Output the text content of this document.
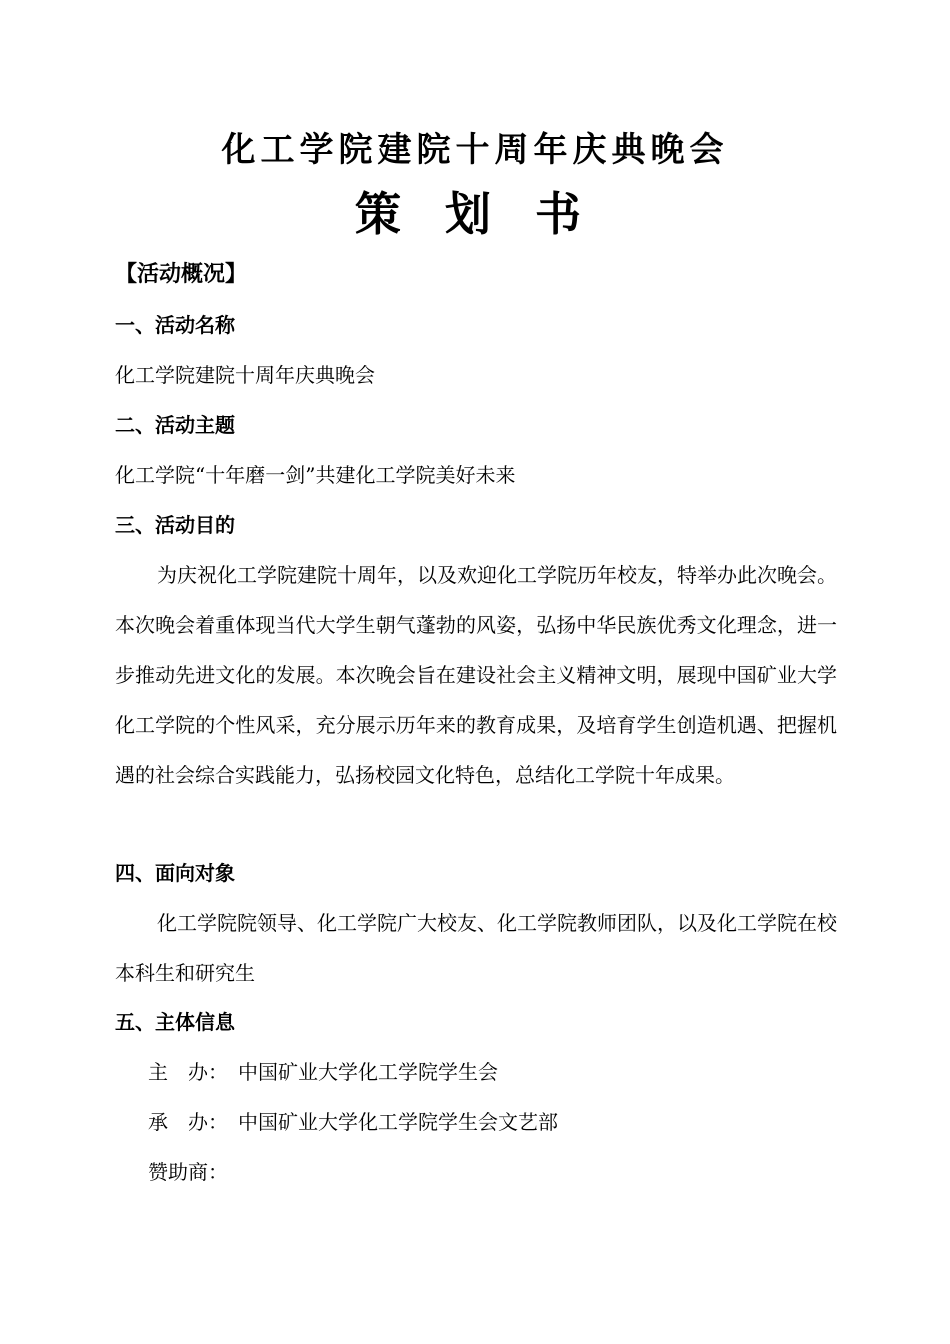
化工学院建院十周年庆典晚会
策划书
【活动概况】
一、活动名称
化工学院建院十周年庆典晚会
二、活动主题
化工学院“十年磨一剑”共建化工学院美好未来
三、活动目的

为庆祝化工学院建院十周年，以及欢迎化工学院历年校友，特举办此次晚会。本次晚会着重体现当代大学生朝气蓬勃的风姿，弘扬中华民族优秀文化理念，进一步推动先进文化的发展。本次晚会旨在建设社会主义精神文明，展现中国矿业大学化工学院的个性风采，充分展示历年来的教育成果，及培育学生创造机遇、把握机遇的社会综合实践能力，弘扬校园文化特色，总结化工学院十年成果。

四、面向对象

化工学院院领导、化工学院广大校友、化工学院教师团队，以及化工学院在校本科生和研究生

五、主体信息
主　办： 中国矿业大学化工学院学生会
承　办： 中国矿业大学化工学院学生会文艺部
赞助商：
